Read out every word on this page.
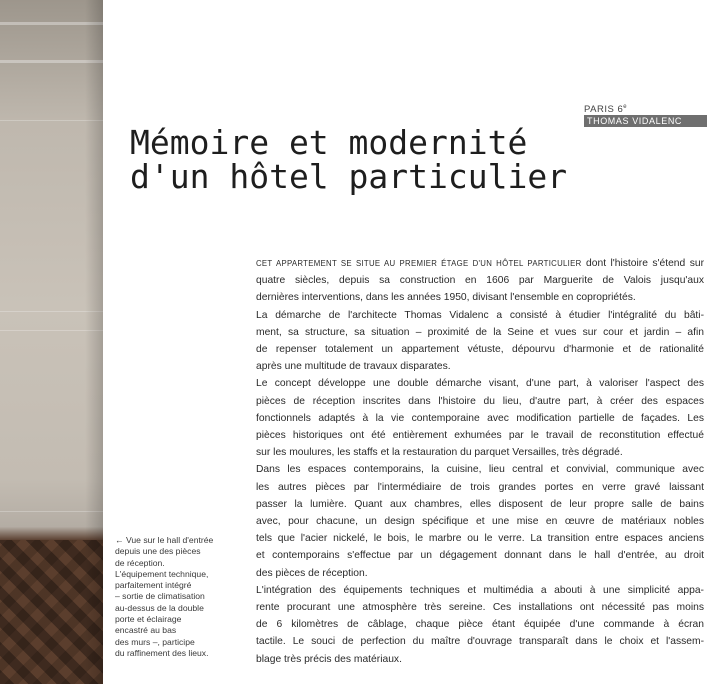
PARIS 6e
THOMAS VIDALENC
Mémoire et modernité
d'un hôtel particulier
← Vue sur le hall d'entrée
depuis une des pièces
de réception.
L'équipement technique,
parfaitement intégré
– sortie de climatisation
au-dessus de la double
porte et éclairage
encastré au bas
des murs –, participe
du raffinement des lieux.
CET APPARTEMENT SE SITUE AU PREMIER ÉTAGE D'UN HÔTEL PARTICULIER dont l'histoire s'étend sur
quatre siècles, depuis sa construction en 1606 par Marguerite de Valois jusqu'aux
dernières interventions, dans les années 1950, divisant l'ensemble en copropriétés.
La démarche de l'architecte Thomas Vidalenc a consisté à étudier l'intégralité du bâti-
ment, sa structure, sa situation – proximité de la Seine et vues sur cour et jardin – afin
de repenser totalement un appartement vétuste, dépourvu d'harmonie et de rationalité
après une multitude de travaux disparates.
Le concept développe une double démarche visant, d'une part, à valoriser l'aspect des
pièces de réception inscrites dans l'histoire du lieu, d'autre part, à créer des espaces
fonctionnels adaptés à la vie contemporaine avec modification partielle de façades. Les
pièces historiques ont été entièrement exhumées par le travail de reconstitution effectué
sur les moulures, les staffs et la restauration du parquet Versailles, très dégradé.
Dans les espaces contemporains, la cuisine, lieu central et convivial, communique avec
les autres pièces par l'intermédiaire de trois grandes portes en verre gravé laissant
passer la lumière. Quant aux chambres, elles disposent de leur propre salle de bains
avec, pour chacune, un design spécifique et une mise en œuvre de matériaux nobles
tels que l'acier nickelé, le bois, le marbre ou le verre. La transition entre espaces anciens
et contemporains s'effectue par un dégagement donnant dans le hall d'entrée, au droit
des pièces de réception.
L'intégration des équipements techniques et multimédia a abouti à une simplicité appa-
rente procurant une atmosphère très sereine. Ces installations ont nécessité pas moins
de 6 kilomètres de câblage, chaque pièce étant équipée d'une commande à écran
tactile. Le souci de perfection du maître d'ouvrage transparaît dans le choix et l'assem-
blage très précis des matériaux.
